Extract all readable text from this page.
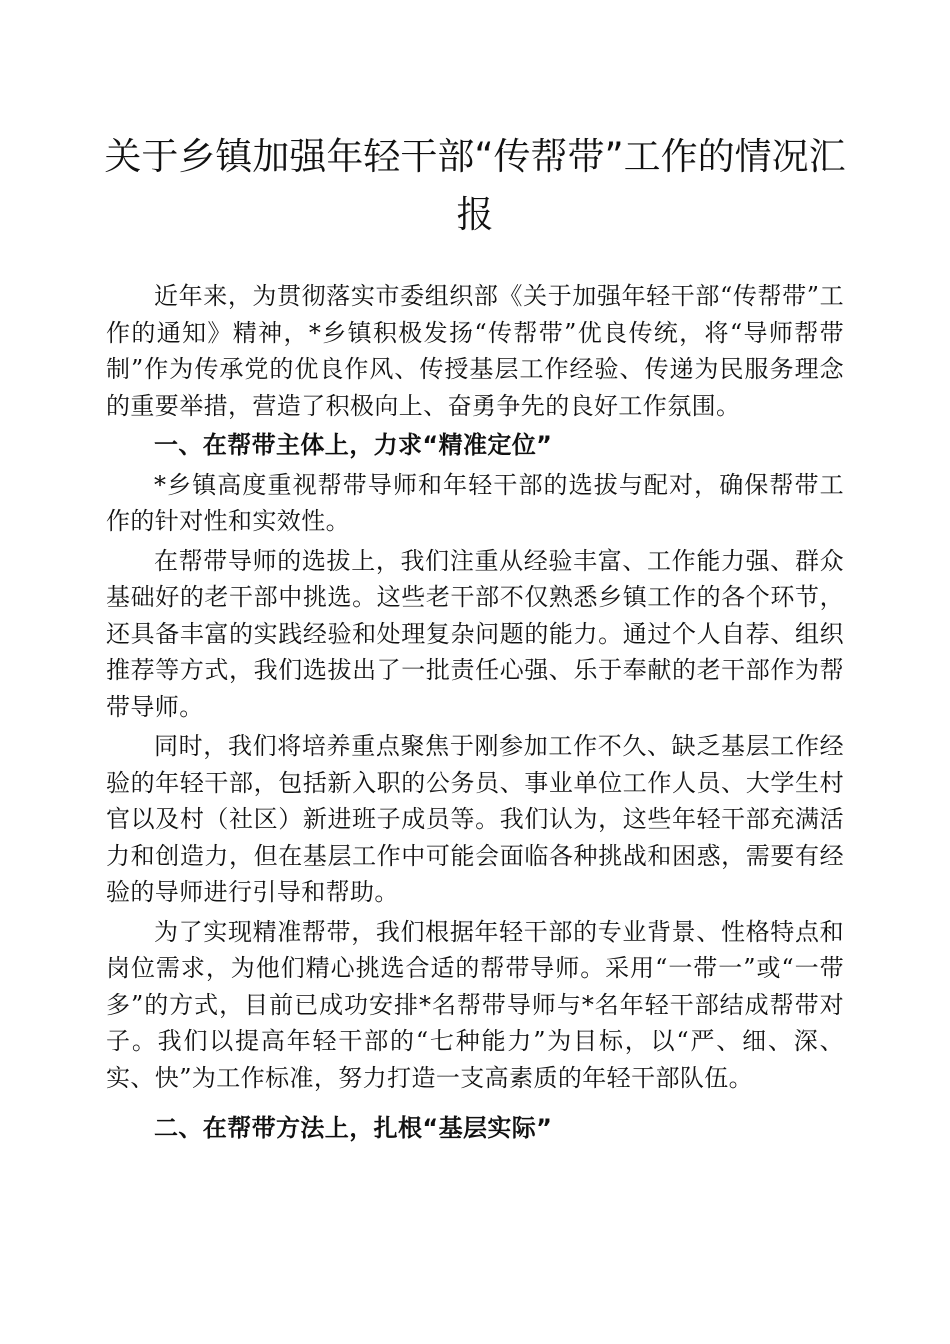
关于乡镇加强年轻干部“传帮带”工作的情况汇报

近年来，为贯彻落实市委组织部《关于加强年轻干部“传帮带”工作的通知》精神，*乡镇积极发扬“传帮带”优良传统，将“导师帮带制”作为传承党的优良作风、传授基层工作经验、传递为民服务理念的重要举措，营造了积极向上、奋勇争先的良好工作氛围。

一、在帮带主体上，力求“精准定位”

*乡镇高度重视帮带导师和年轻干部的选拔与配对，确保帮带工作的针对性和实效性。

在帮带导师的选拔上，我们注重从经验丰富、工作能力强、群众基础好的老干部中挑选。这些老干部不仅熟悉乡镇工作的各个环节，还具备丰富的实践经验和处理复杂问题的能力。通过个人自荐、组织推荐等方式，我们选拔出了一批责任心强、乐于奉献的老干部作为帮带导师。

同时，我们将培养重点聚焦于刚参加工作不久、缺乏基层工作经验的年轻干部，包括新入职的公务员、事业单位工作人员、大学生村官以及村（社区）新进班子成员等。我们认为，这些年轻干部充满活力和创造力，但在基层工作中可能会面临各种挑战和困惑，需要有经验的导师进行引导和帮助。

为了实现精准帮带，我们根据年轻干部的专业背景、性格特点和岗位需求，为他们精心挑选合适的帮带导师。采用“一带一”或“一带多”的方式，目前已成功安排*名帮带导师与*名年轻干部结成帮带对子。我们以提高年轻干部的“七种能力”为目标，以“严、细、深、实、快”为工作标准，努力打造一支高素质的年轻干部队伍。

二、在帮带方法上，扎根“基层实际”
